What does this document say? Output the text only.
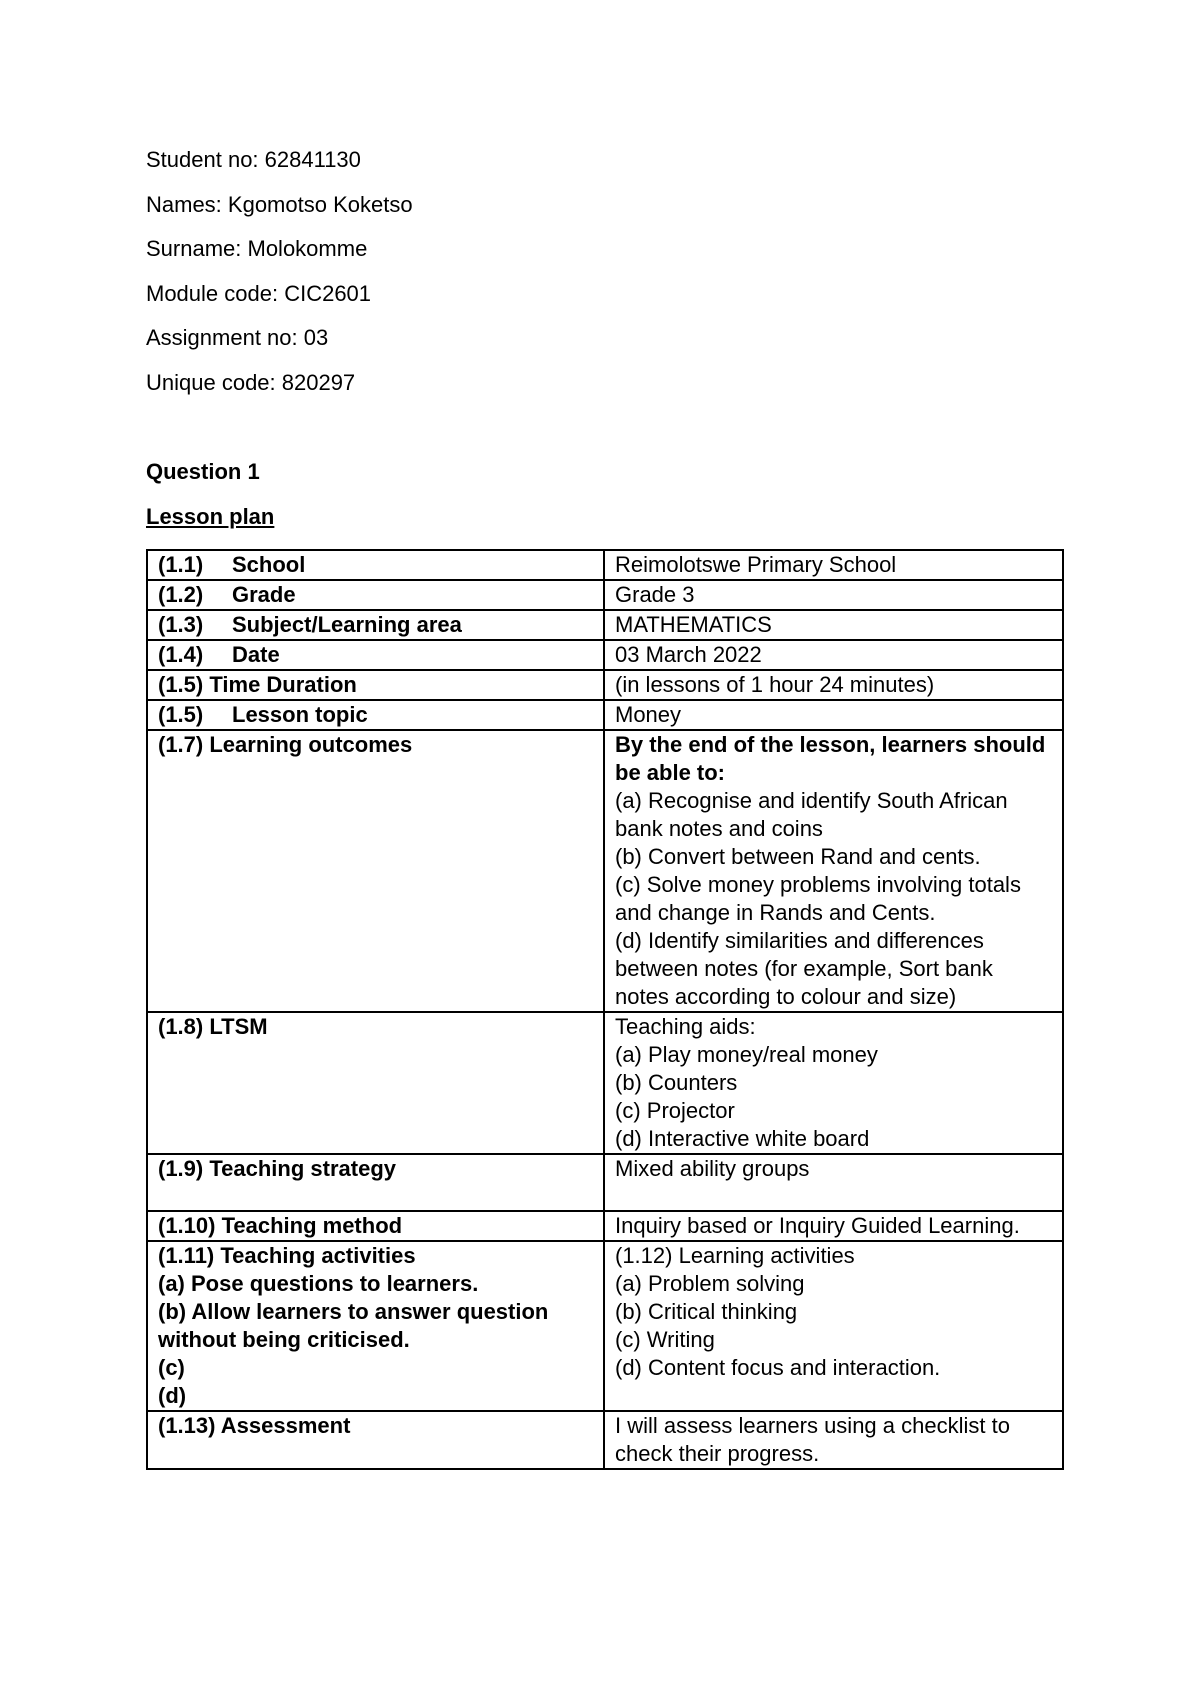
Student no: 62841130
Names: Kgomotso Koketso
Surname: Molokomme
Module code: CIC2601
Assignment no: 03
Unique code: 820297
Question 1
Lesson plan
(1.1) School	Reimolotswe Primary School
(1.2) Grade	Grade 3
(1.3) Subject/Learning area	MATHEMATICS
(1.4) Date	03 March 2022
(1.5) Time Duration	(in lessons of 1 hour 24 minutes)
(1.5) Lesson topic	Money
(1.7) Learning outcomes	By the end of the lesson, learners should be able to:
(a) Recognise and identify South African bank notes and coins
(b) Convert between Rand and cents.
(c) Solve money problems involving totals and change in Rands and Cents.
(d) Identify similarities and differences between notes (for example, Sort bank notes according to colour and size)

(1.8) LTSM	Teaching aids:
(a) Play money/real money
(b) Counters
(c) Projector
(d) Interactive white board

(1.9) Teaching strategy	Mixed ability groups
(1.10) Teaching method	Inquiry based or Inquiry Guided Learning.

(1.11) Teaching activities
(a) Pose questions to learners.
(b) Allow learners to answer question without being criticised.
(c)
(d)	(1.12) Learning activities
(a) Problem solving
(b) Critical thinking
(c) Writing
(d) Content focus and interaction.

(1.13) Assessment	I will assess learners using a checklist to check their progress.
